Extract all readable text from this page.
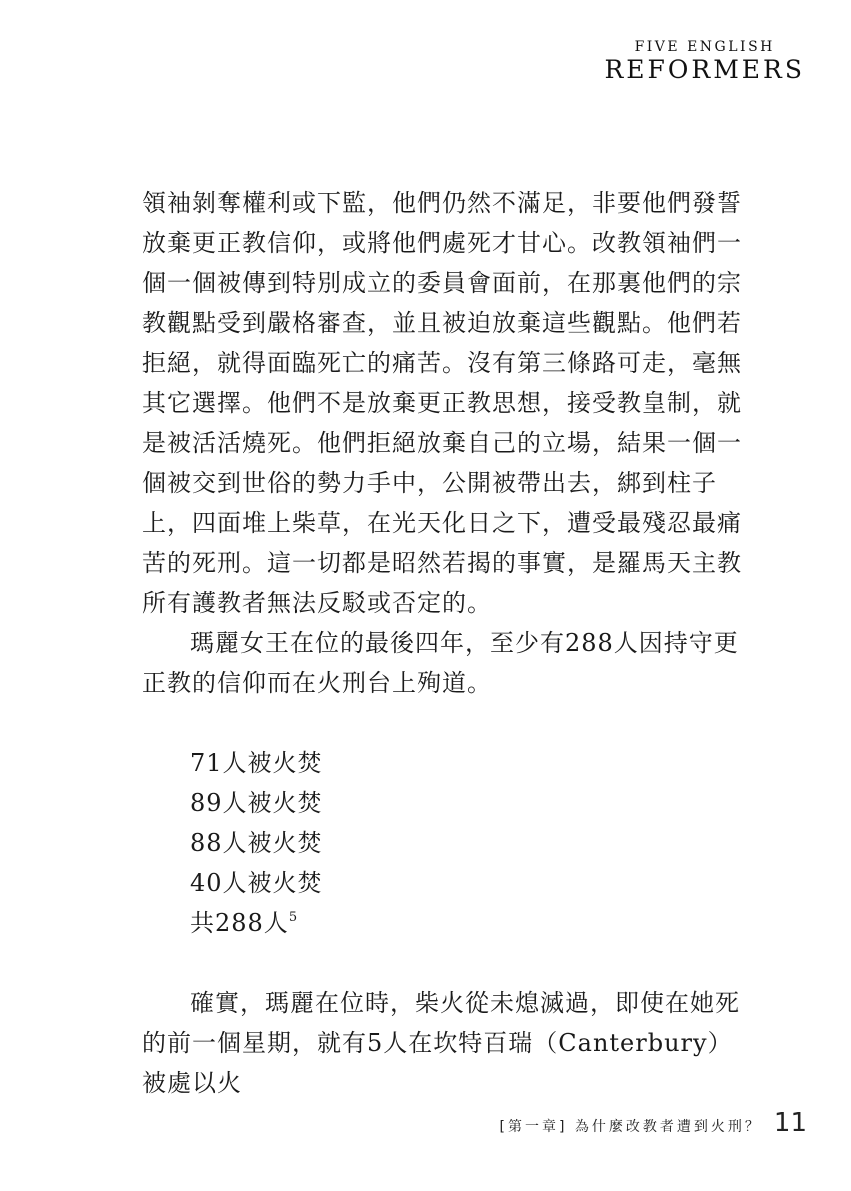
FIVE ENGLISH
REFORMERS

領袖剝奪權利或下監，他們仍然不滿足，非要他們發誓放棄更正教信仰，或將他們處死才甘心。改教領袖們一個一個被傳到特別成立的委員會面前，在那裏他們的宗教觀點受到嚴格審查，並且被迫放棄這些觀點。他們若拒絕，就得面臨死亡的痛苦。沒有第三條路可走，毫無其它選擇。他們不是放棄更正教思想，接受教皇制，就是被活活燒死。他們拒絕放棄自己的立場，結果一個一個被交到世俗的勢力手中，公開被帶出去，綁到柱子上，四面堆上柴草，在光天化日之下，遭受最殘忍最痛苦的死刑。這一切都是昭然若揭的事實，是羅馬天主教所有護教者無法反駁或否定的。

瑪麗女王在位的最後四年，至少有288人因持守更正教的信仰而在火刑台上殉道。

71人被火焚
89人被火焚
88人被火焚
40人被火焚
共288人$^5$

確實，瑪麗在位時，柴火從未熄滅過，即使在她死的前一個星期，就有5人在坎特百瑞（Canterbury）被處以火

[第一章] 為什麼改教者遭到火刑？ 11
